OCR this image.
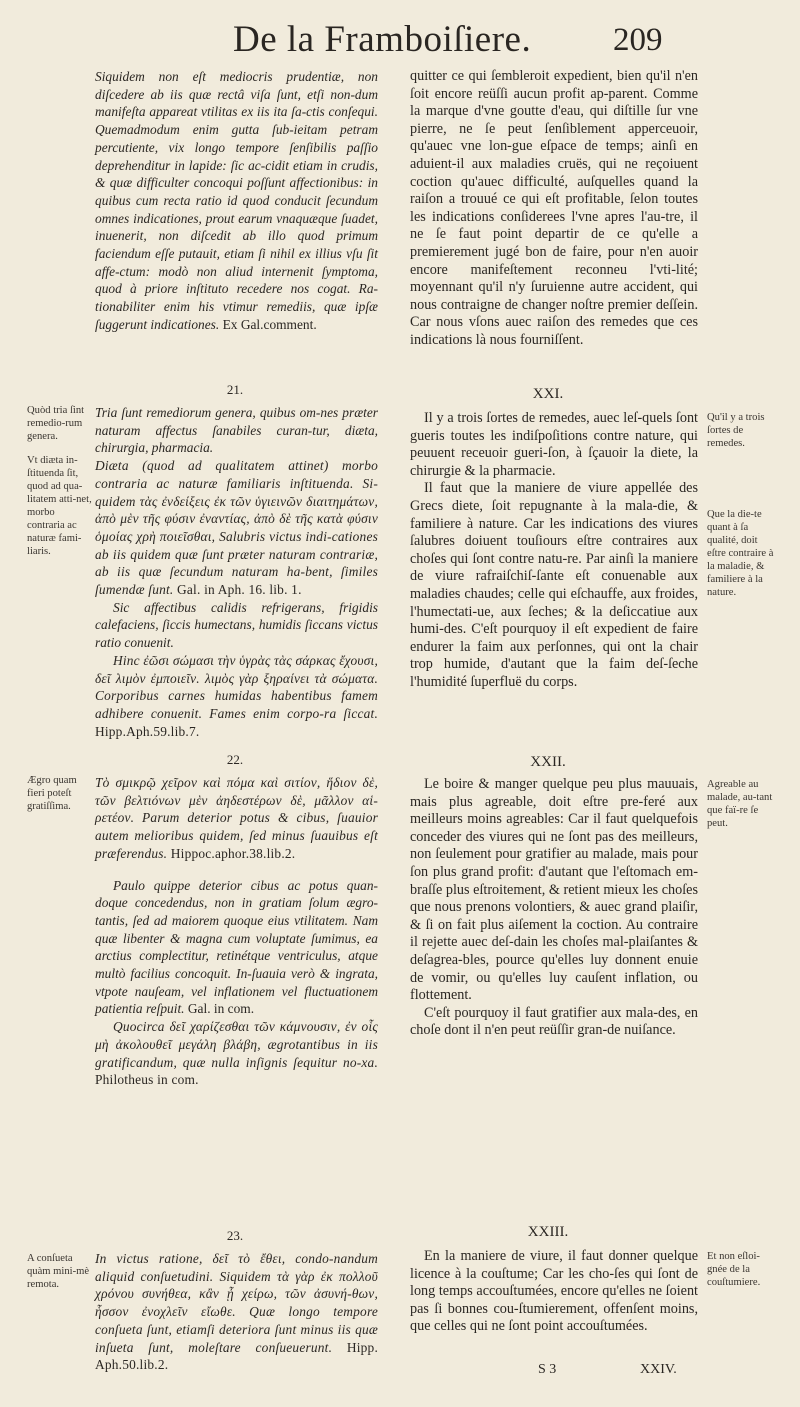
De la Framboiſiere. 209

Siquidem non eſt mediocris prudentiæ, non diſcedere ab iis quæ rectâ viſa ſunt, etſi non-dum manifeſta appareat vtilitas ex iis ita ſa-ctis conſequi. Quemadmodum enim gutta ſub-ieitam petram percutiente, vix longo tempore ſenſibilis paſſio deprehenditur in lapide: ſic ac-cidit etiam in crudis, & quæ difficulter concoqui poſſunt affectionibus: in quibus cum recta ratio id quod conducit ſecundum omnes indicationes, prout earum vnaquæque ſuadet, inuenerit, non diſcedit ab illo quod primum faciendum eſſe putauit, etiam ſi nihil ex illius vſu ſit affe-ctum: modò non aliud internenit ſymptoma, quod à priore inſtituto recedere nos cogat. Ra-tionabiliter enim his vtimur remediis, quæ ipſæ ſuggerunt indicationes. Ex Gal.comment.

21.
Quòd tria ſint remedio-rum genera.
Vt diæta in-ſtituenda ſit, quod ad qua-litatem atti-net, morbo contraria ac naturæ fami-liaris.

Tria ſunt remediorum genera, quibus om-nes præter naturam affectus ſanabiles curan-tur, diæta, chirurgia, pharmacia.

Diæta (quod ad qualitatem attinet) morbo contraria ac naturæ familiaris inſtituenda. Si-quidem τὰς ἐνδείξεις ἐκ τῶν ὑγιεινῶν διαιτημάτων, ἀπὸ μὲν τῆς φύσιν ἐναντίας, ἀπὸ δὲ τῆς κατὰ φύσιν ὁμοίας χρὴ ποιεῖσθαι, Salubris victus indi-cationes ab iis quidem quæ ſunt præter naturam contrariæ, ab iis quæ ſecundum naturam ha-bent, ſimiles ſumendæ ſunt. Gal. in Aph. 16. lib. 1.

Sic affectibus calidis refrigerans, frigidis calefaciens, ſiccis humectans, humidis ſiccans victus ratio conuenit.

Hinc ἐῶσι σώμασι τὴν ὑγρὰς τὰς σάρκας ἔχουσι, δεῖ λιμὸν ἐμποιεῖν. λιμὸς γὰρ ξηραίνει τὰ σώματα. Corporibus carnes humidas habentibus famem adhibere conuenit. Fames enim corpo-ra ſiccat. Hipp.Aph.59.lib.7.

22.
Ægro quam fieri poteſt gratiſſima.

Τὸ σμικρῷ χεῖρον καὶ πόμα καὶ σιτίον, ἥδιον δὲ, τῶν βελτιόνων μὲν ἀηδεστέρων δὲ, μᾶλλον αἱ-ρετέον. Parum deterior potus & cibus, ſuauior autem melioribus quidem, ſed minus ſuauibus eſt præferendus. Hippoc.aphor.38.lib.2.

Paulo quippe deterior cibus ac potus quan-doque concedendus, non in gratiam ſolum ægro-tantis, ſed ad maiorem quoque eius vtilitatem. Nam quæ libenter & magna cum voluptate ſumimus, ea arctius complectitur, retinétque ventriculus, atque multò facilius concoquit. In-ſuauia verò & ingrata, vtpote nauſeam, vel inflationem vel fluctuationem patientia reſpuit. Gal. in com.

Quocirca δεῖ χαρίζεσθαι τῶν κάμνουσιν, ἐν οἷς μὴ ἀκολουθεῖ μεγάλη βλάβη, ægrotantibus in iis gratificandum, quæ nulla inſignis ſequitur no-xa. Philotheus in com.

23.
A conſueta quàm mini-mè remota.

In victus ratione, δεῖ τὸ ἔθει, condo-nandum aliquid conſuetudini. Siquidem τὰ γὰρ ἐκ πολλοῦ χρόνου συνήθεα, κἂν ᾖ χείρω, τῶν ἀσυνή-θων, ἧσσον ἐνοχλεῖν εἴωθε. Quæ longo tempore conſueta ſunt, etiamſi deteriora ſunt minus iis quæ inſueta ſunt, moleſtare conſueuerunt. Hipp. Aph.50.lib.2.

quitter ce qui ſembleroit expedient, bien qu'il n'en ſoit encore reüſſi aucun profit ap-parent. Comme la marque d'vne goutte d'eau, qui diſtille ſur vne pierre, ne ſe peut ſenſiblement apperceuoir, qu'auec vne lon-gue eſpace de temps; ainſi en aduient-il aux maladies cruës, qui ne reçoiuent coction qu'auec difficulté, auſquelles quand la raiſon a trouué ce qui eſt profitable, ſelon toutes les indications conſiderees l'vne apres l'au-tre, il ne ſe faut point departir de ce qu'elle a premierement jugé bon de faire, pour n'en auoir encore manifeſtement reconneu l'vti-lité; moyennant qu'il n'y ſuruienne autre accident, qui nous contraigne de changer noſtre premier deſſein. Car nous vſons auec raiſon des remedes que ces indications là nous fourniſſent.

XXI.
Qu'il y a trois ſortes de remedes.
Que la die-te quant à ſa qualité, doit eſtre contraire à la maladie, & familiere à la nature.

Il y a trois ſortes de remedes, auec leſ-quels ſont gueris toutes les indiſpoſitions contre nature, qui peuuent receuoir gueri-ſon, à ſçauoir la diete, la chirurgie & la pharmacie.

Il faut que la maniere de viure appellée des Grecs diete, ſoit repugnante à la mala-die, & familiere à nature. Car les indications des viures ſalubres doiuent touſiours eſtre contraires aux choſes qui ſont contre natu-re. Par ainſi la maniere de viure rafraiſchiſ-ſante eſt conuenable aux maladies chaudes; celle qui eſchauffe, aux froides, l'humectati-ue, aux ſeches; & la deſiccatiue aux humi-des. C'eſt pourquoy il eſt expedient de faire endurer la faim aux perſonnes, qui ont la chair trop humide, d'autant que la faim deſ-ſeche l'humidité ſuperfluë du corps.

XXII.
Agreable au malade, au-tant que faï-re ſe peut.

Le boire & manger quelque peu plus mauuais, mais plus agreable, doit eſtre pre-feré aux meilleurs moins agreables: Car il faut quelquefois conceder des viures qui ne ſont pas des meilleurs, non ſeulement pour gratifier au malade, mais pour ſon plus grand profit: d'autant que l'eſtomach em-braſſe plus eſtroitement, & retient mieux les choſes que nous prenons volontiers, & auec grand plaiſir, & ſi on fait plus aiſement la coction. Au contraire il rejette auec deſ-dain les choſes mal-plaiſantes & deſagrea-bles, pource qu'elles luy donnent enuie de vomir, ou qu'elles luy cauſent inflation, ou flottement.

C'eſt pourquoy il faut gratifier aux mala-des, en choſe dont il n'en peut reüſſir gran-de nuiſance.

XXIII.
Et non eſloi-gnée de la couſtumiere.

En la maniere de viure, il faut donner quelque licence à la couſtume; Car les cho-ſes qui ſont de long temps accouſtumées, encore qu'elles ne ſoient pas ſi bonnes cou-ſtumierement, offenſent moins, que celles qui ne ſont point accouſtumées.

S 3	XXIV.
